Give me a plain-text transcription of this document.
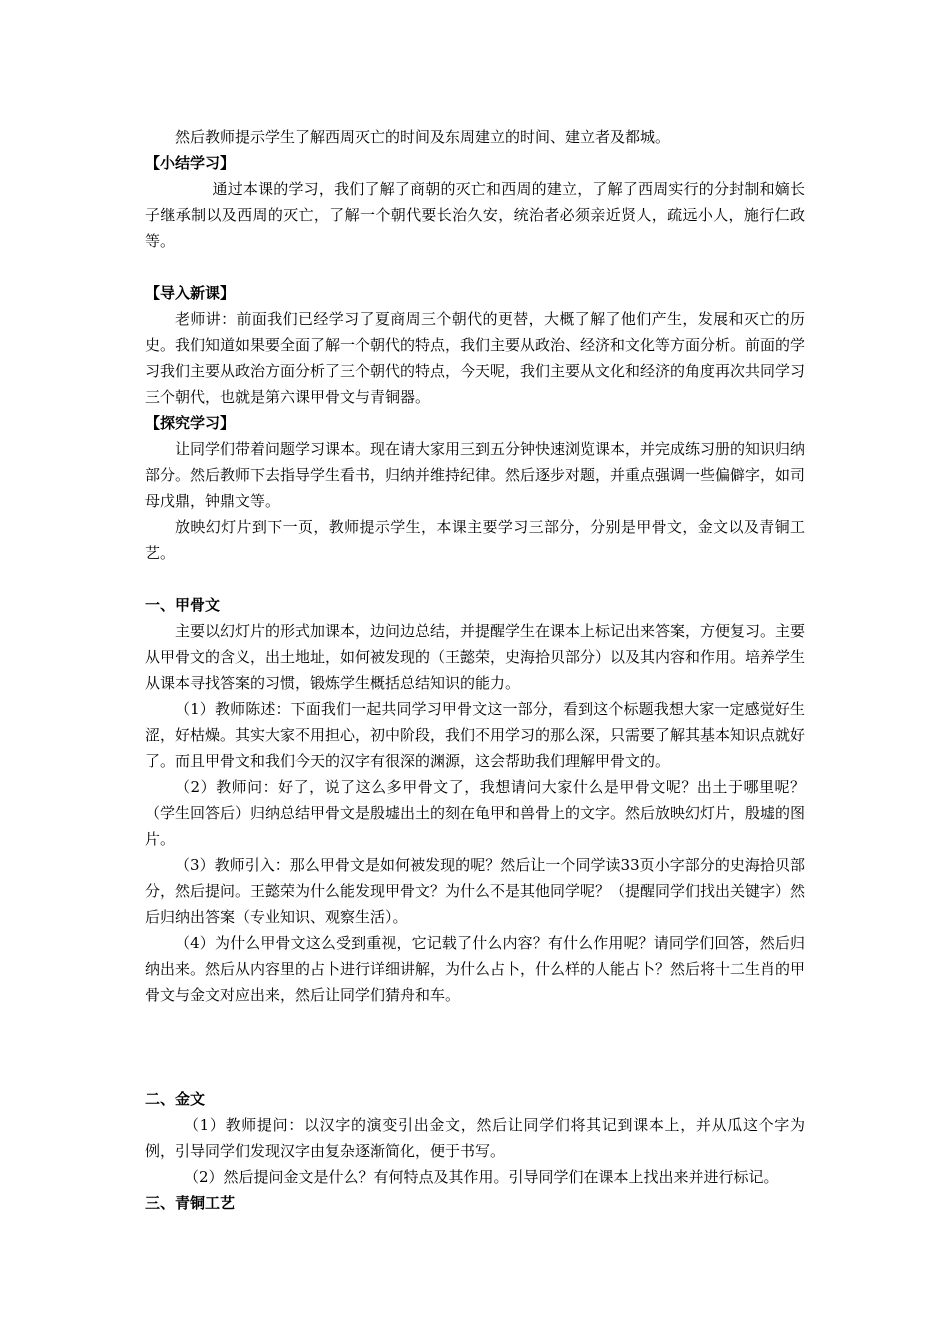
然后教师提示学生了解西周灭亡的时间及东周建立的时间、建立者及都城。

【小结学习】

通过本课的学习，我们了解了商朝的灭亡和西周的建立，了解了西周实行的分封制和嫡长子继承制以及西周的灭亡，了解一个朝代要长治久安，统治者必须亲近贤人，疏远小人，施行仁政等。

【导入新课】

老师讲：前面我们已经学习了夏商周三个朝代的更替，大概了解了他们产生，发展和灭亡的历史。我们知道如果要全面了解一个朝代的特点，我们主要从政治、经济和文化等方面分析。前面的学习我们主要从政治方面分析了三个朝代的特点，今天呢，我们主要从文化和经济的角度再次共同学习三个朝代，也就是第六课甲骨文与青铜器。

【探究学习】

让同学们带着问题学习课本。现在请大家用三到五分钟快速浏览课本，并完成练习册的知识归纳部分。然后教师下去指导学生看书，归纳并维持纪律。然后逐步对题，并重点强调一些偏僻字，如司母戊鼎，钟鼎文等。

放映幻灯片到下一页，教师提示学生，本课主要学习三部分，分别是甲骨文，金文以及青铜工艺。

一、甲骨文

主要以幻灯片的形式加课本，边问边总结，并提醒学生在课本上标记出来答案，方便复习。主要从甲骨文的含义，出土地址，如何被发现的（王懿荣，史海拾贝部分）以及其内容和作用。培养学生从课本寻找答案的习惯，锻炼学生概括总结知识的能力。

（1）教师陈述：下面我们一起共同学习甲骨文这一部分，看到这个标题我想大家一定感觉好生涩，好枯燥。其实大家不用担心，初中阶段，我们不用学习的那么深，只需要了解其基本知识点就好了。而且甲骨文和我们今天的汉字有很深的渊源，这会帮助我们理解甲骨文的。

（2）教师问：好了，说了这么多甲骨文了，我想请问大家什么是甲骨文呢？出土于哪里呢？（学生回答后）归纳总结甲骨文是殷墟出土的刻在龟甲和兽骨上的文字。然后放映幻灯片，殷墟的图片。

（3）教师引入：那么甲骨文是如何被发现的呢？然后让一个同学读33页小字部分的史海拾贝部分，然后提问。王懿荣为什么能发现甲骨文？为什么不是其他同学呢？（提醒同学们找出关键字）然后归纳出答案（专业知识、观察生活）。

（4）为什么甲骨文这么受到重视，它记载了什么内容？有什么作用呢？请同学们回答，然后归纳出来。然后从内容里的占卜进行详细讲解，为什么占卜，什么样的人能占卜？然后将十二生肖的甲骨文与金文对应出来，然后让同学们猜舟和车。

二、金文

（1）教师提问：以汉字的演变引出金文，然后让同学们将其记到课本上，并从瓜这个字为例，引导同学们发现汉字由复杂逐渐简化，便于书写。

（2）然后提问金文是什么？有何特点及其作用。引导同学们在课本上找出来并进行标记。

三、青铜工艺
